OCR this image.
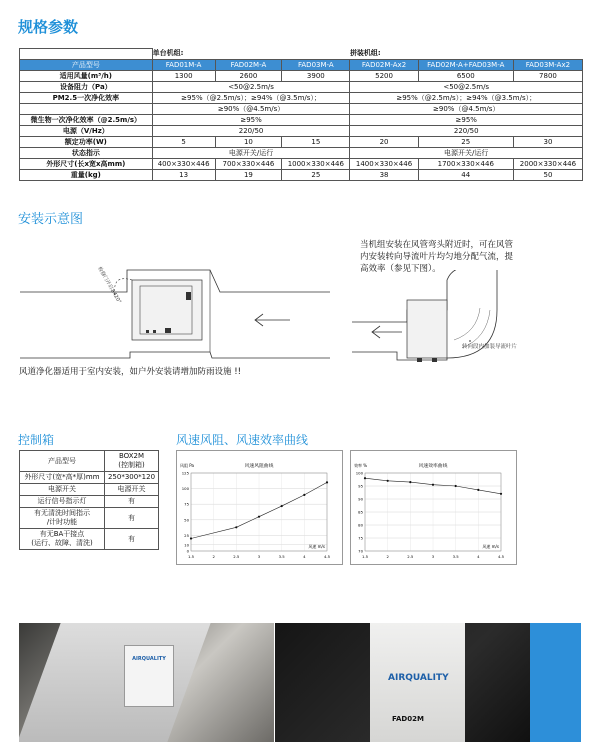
规格参数
	单台机组:			拼装机组:		
产品型号	FAD01M-A	FAD02M-A	FAD03M-A	FAD02M-Ax2	FAD02M-A+FAD03M-A	FAD03M-Ax2
适用风量(m³/h)	1300	2600	3900	5200	6500	7800
设备阻力（Pa）	<50@2.5m/s			<50@2.5m/s		
PM2.5一次净化效率	≥95%（@2.5m/s）；≥94%（@3.5m/s）；			≥95%（@2.5m/s）；≥94%（@3.5m/s）；		
	≥90%（@4.5m/s）			≥90%（@4.5m/s）		
微生物一次净化效率（@2.5m/s）	≥95%			≥95%		
电源（V/Hz）	220/50			220/50		
额定功率(W)	5	10	15	20	25	30
状态指示	电源开关/运行			电源开关/运行		
外形尺寸(长x宽x高mm)	400×330×446	700×330×446	1000×330×446	1400×330×446	1700×330×446	2000×330×446
重量(kg)	13	19	25	38	44	50
安装示意图
检修门开启≥420°
转向段内加装导流叶片
当机组安装在风管弯头附近时，可在风管
内安装转向导流叶片均匀地分配气流，提
高效率（参见下图）。
风道净化器适用于室内安装，如户外安装请增加防雨设施 !!
控制箱
产品型号	BOX2M
(控制箱)
外形尺寸(宽*高*厚)mm	250*300*120
电源开关	电源开关
运行信号指示灯	有
有无清洗时间指示
/计时功能	有
有无BA干接点
(运行、故障、清洗)	有
风速风阻、风速效率曲线
0
10
25
50
75
100
125
1.5	2	2.5	3	3.5	4	4.5
风速风阻曲线
风阻 Pa
风速 m/s
70
75
80
85
90
95
100
1.5	2	2.5	3	3.5	4	4.5
风速效率曲线
效率 %
风速 m/s
AIRQUALITY
AIRQUALITY
FAD02M
